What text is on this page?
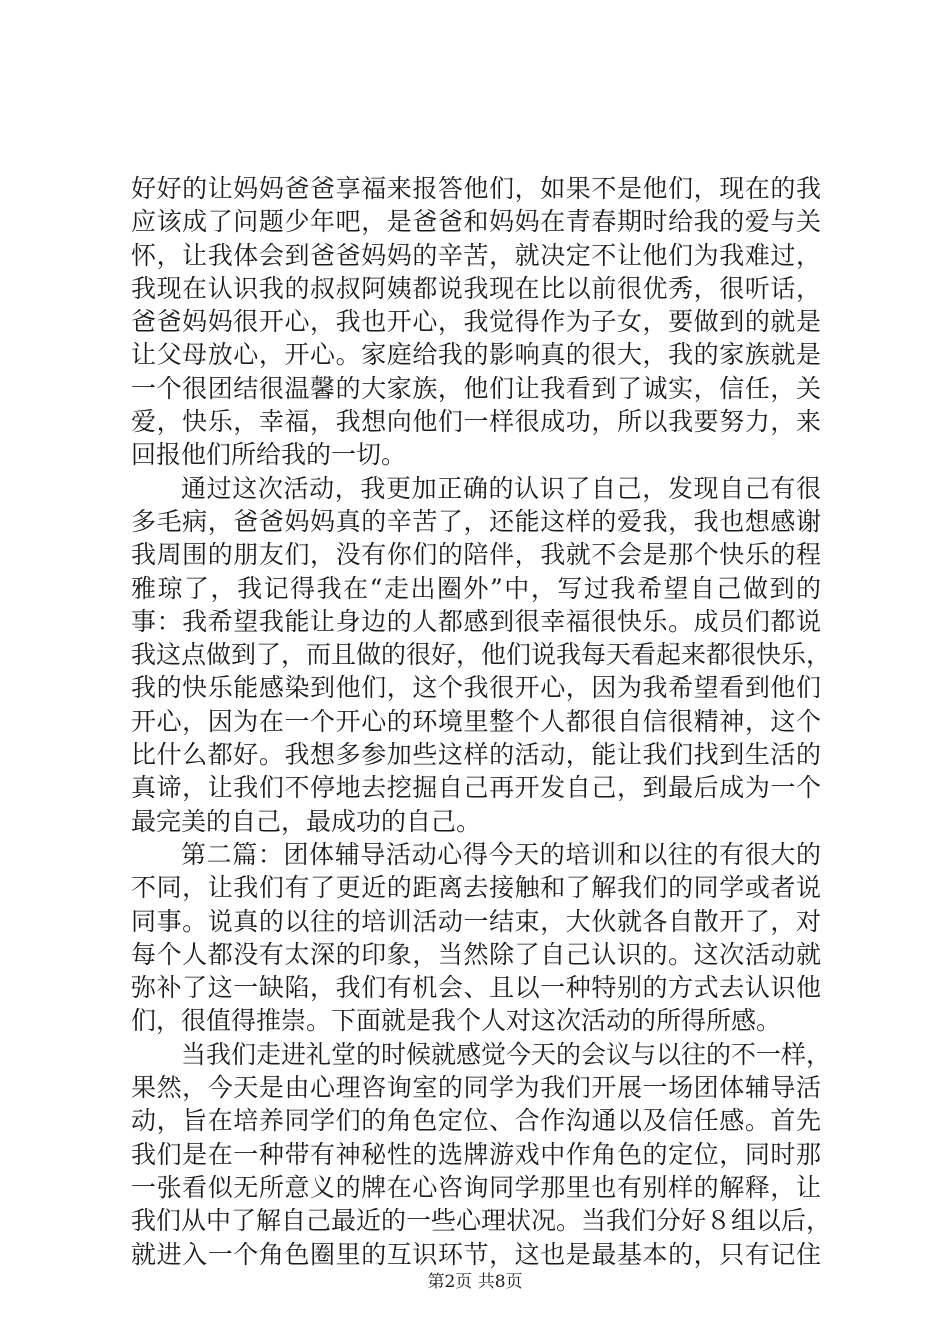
好好的让妈妈爸爸享福来报答他们，如果不是他们，现在的我
应该成了问题少年吧，是爸爸和妈妈在青春期时给我的爱与关
怀，让我体会到爸爸妈妈的辛苦，就决定不让他们为我难过，
我现在认识我的叔叔阿姨都说我现在比以前很优秀，很听话，
爸爸妈妈很开心，我也开心，我觉得作为子女，要做到的就是
让父母放心，开心。家庭给我的影响真的很大，我的家族就是
一个很团结很温馨的大家族，他们让我看到了诚实，信任，关
爱，快乐，幸福，我想向他们一样很成功，所以我要努力，来
回报他们所给我的一切。
通过这次活动，我更加正确的认识了自己，发现自己有很
多毛病，爸爸妈妈真的辛苦了，还能这样的爱我，我也想感谢
我周围的朋友们，没有你们的陪伴，我就不会是那个快乐的程
雅琼了，我记得我在“走出圈外”中，写过我希望自己做到的
事：我希望我能让身边的人都感到很幸福很快乐。成员们都说
我这点做到了，而且做的很好，他们说我每天看起来都很快乐，
我的快乐能感染到他们，这个我很开心，因为我希望看到他们
开心，因为在一个开心的环境里整个人都很自信很精神，这个
比什么都好。我想多参加些这样的活动，能让我们找到生活的
真谛，让我们不停地去挖掘自己再开发自己，到最后成为一个
最完美的自己，最成功的自己。
第二篇：团体辅导活动心得今天的培训和以往的有很大的
不同，让我们有了更近的距离去接触和了解我们的同学或者说
同事。说真的以往的培训活动一结束，大伙就各自散开了，对
每个人都没有太深的印象，当然除了自己认识的。这次活动就
弥补了这一缺陷，我们有机会、且以一种特别的方式去认识他
们，很值得推崇。下面就是我个人对这次活动的所得所感。
当我们走进礼堂的时候就感觉今天的会议与以往的不一样，
果然，今天是由心理咨询室的同学为我们开展一场团体辅导活
动，旨在培养同学们的角色定位、合作沟通以及信任感。首先
我们是在一种带有神秘性的选牌游戏中作角色的定位，同时那
一张看似无所意义的牌在心咨询同学那里也有别样的解释，让
我们从中了解自己最近的一些心理状况。当我们分好８组以后，
就进入一个角色圈里的互识环节，这也是最基本的，只有记住
第2页 共8页
